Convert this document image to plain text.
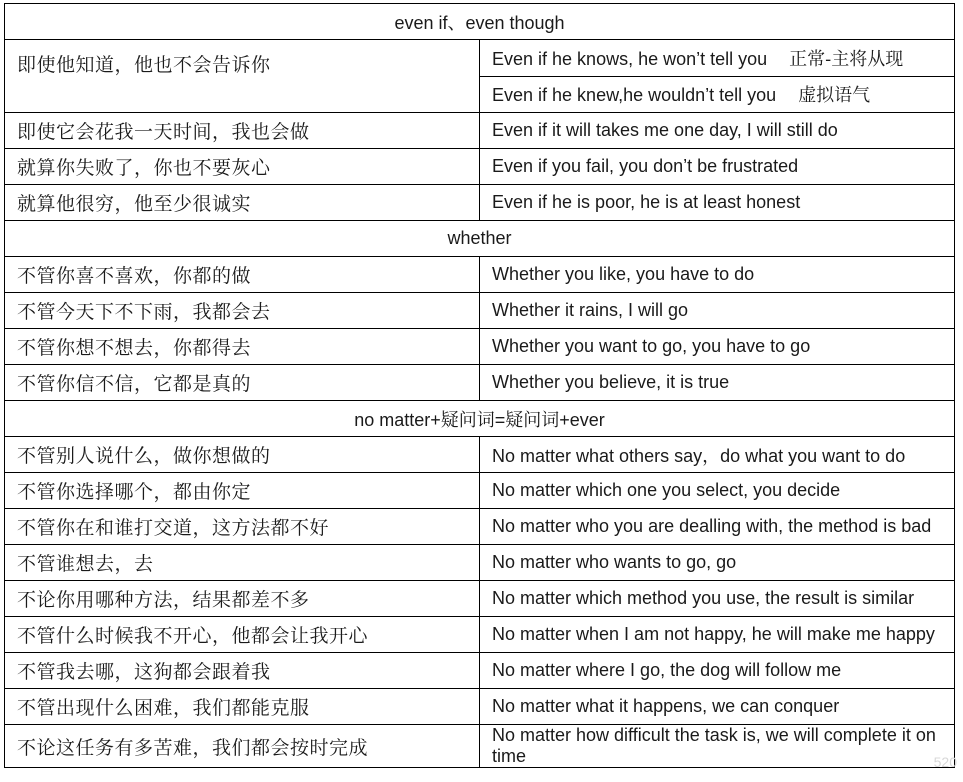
even if、even though	
即使他知道，他也不会告诉你	Even if he knows, he won’t tell you 正常-主将从现
	Even if he knew,he wouldn’t tell you 虚拟语气
即使它会花我一天时间，我也会做	Even if it will takes me one day, I will still do
就算你失败了，你也不要灰心	Even if you fail, you don’t be frustrated
就算他很穷，他至少很诚实	Even if he is poor, he is at least honest
whether	
不管你喜不喜欢，你都的做	Whether you like, you have to do
不管今天下不下雨，我都会去	Whether it rains, I will go
不管你想不想去，你都得去	Whether you want to go, you have to go
不管你信不信，它都是真的	Whether you believe, it is true
no matter+疑问词=疑问词+ever	
不管别人说什么，做你想做的	No matter what others say，do what you want to do
不管你选择哪个，都由你定	No matter which one you select, you decide
不管你在和谁打交道，这方法都不好	No matter who you are dealling with, the method is bad
不管谁想去，去	No matter who wants to go, go
不论你用哪种方法，结果都差不多	No matter which method you use, the result is similar
不管什么时候我不开心，他都会让我开心	No matter when I am not happy, he will make me happy
不管我去哪，这狗都会跟着我	No matter where I go, the dog will follow me
不管出现什么困难，我们都能克服	No matter what it happens, we can conquer
不论这任务有多苦难，我们都会按时完成	No matter how difficult the task is, we will complete it on time	520
